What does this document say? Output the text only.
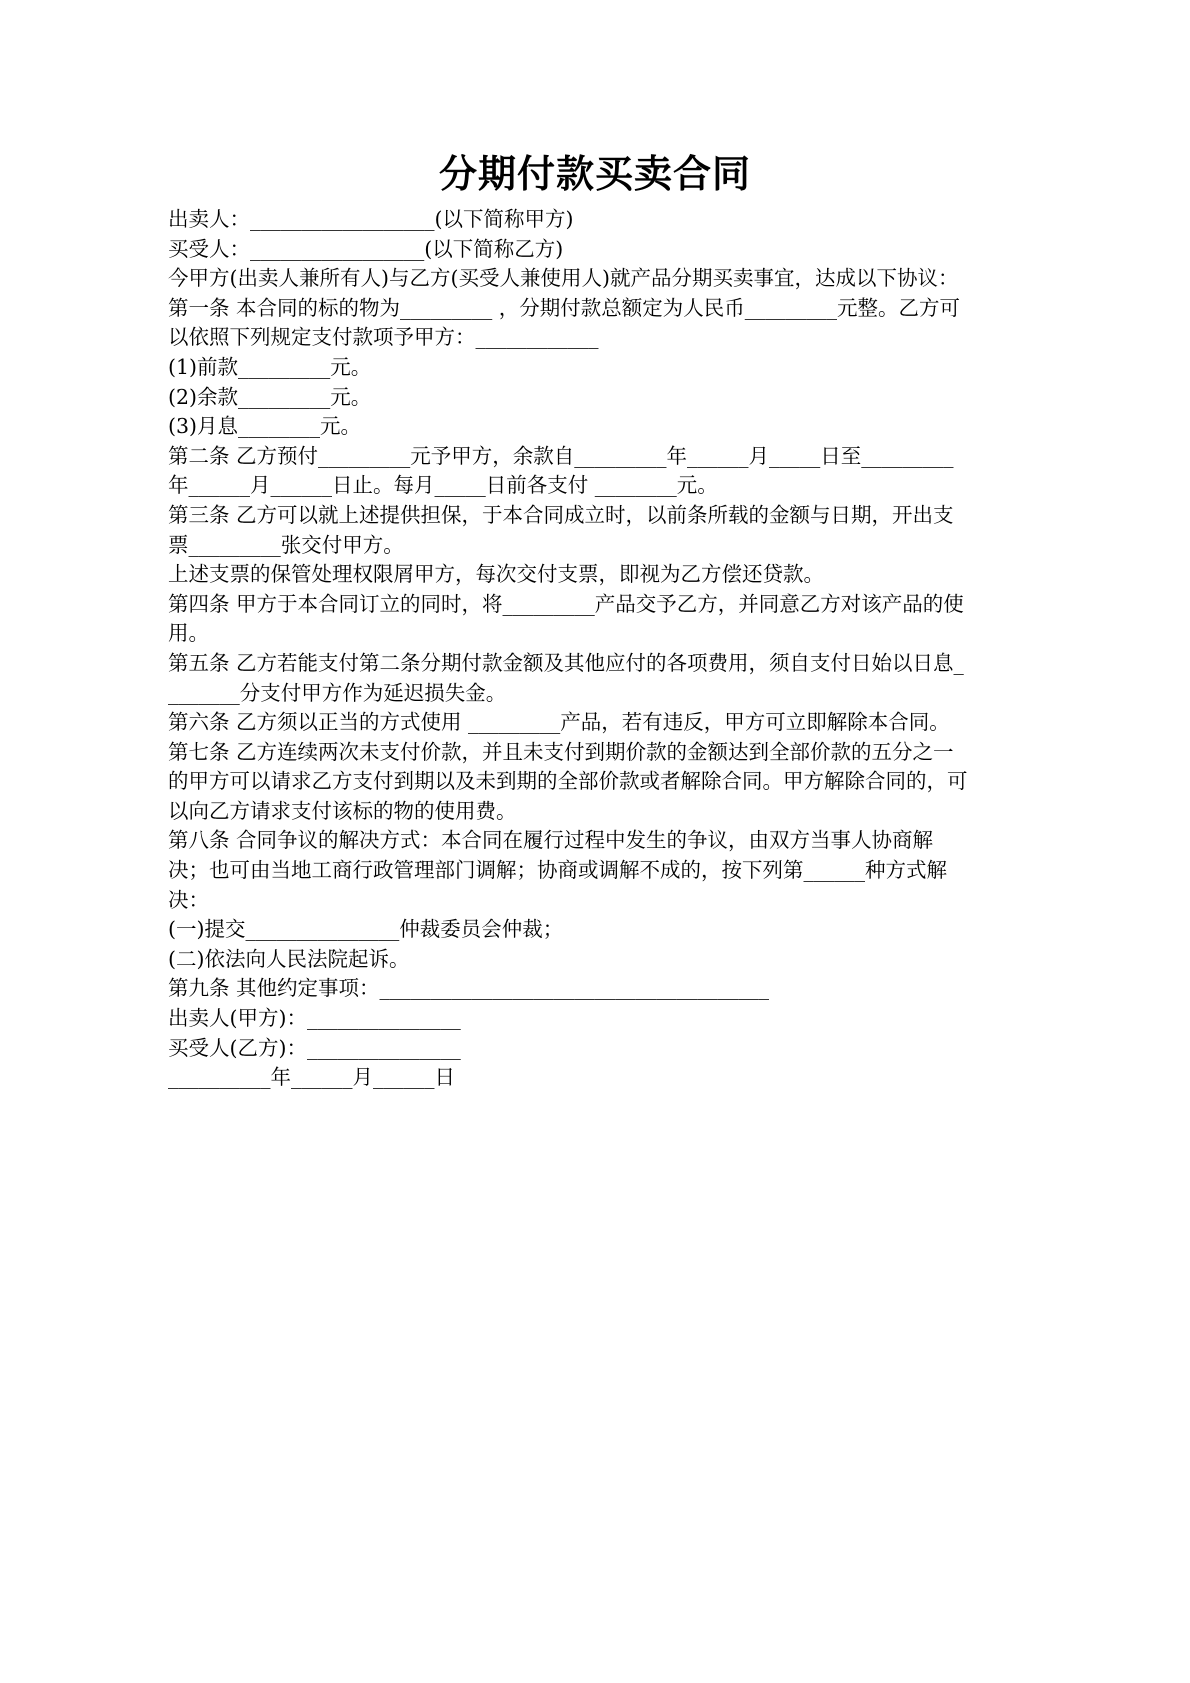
分期付款买卖合同
出卖人：__________________(以下简称甲方)
买受人：_________________(以下简称乙方)
今甲方(出卖人兼所有人)与乙方(买受人兼使用人)就产品分期买卖事宜，达成以下协议：
第一条 本合同的标的物为_________ ，分期付款总额定为人民币_________元整。乙方可以依照下列规定支付款项予甲方：____________
(1)前款_________元。
(2)余款_________元。
(3)月息________元。
第二条 乙方预付_________元予甲方，余款自_________年______月_____日至_________年______月______日止。每月_____日前各支付 ________元。
第三条 乙方可以就上述提供担保，于本合同成立时，以前条所载的金额与日期，开出支票_________张交付甲方。
上述支票的保管处理权限屑甲方，每次交付支票，即视为乙方偿还贷款。
第四条 甲方于本合同订立的同时，将_________产品交予乙方，并同意乙方对该产品的使用。
第五条 乙方若能支付第二条分期付款金额及其他应付的各项费用，须自支付日始以日息________分支付甲方作为延迟损失金。
第六条 乙方须以正当的方式使用 _________产品，若有违反，甲方可立即解除本合同。
第七条 乙方连续两次未支付价款，并且未支付到期价款的金额达到全部价款的五分之一的甲方可以请求乙方支付到期以及未到期的全部价款或者解除合同。甲方解除合同的，可以向乙方请求支付该标的物的使用费。
第八条 合同争议的解决方式：本合同在履行过程中发生的争议，由双方当事人协商解决；也可由当地工商行政管理部门调解；协商或调解不成的，按下列第______种方式解决：
(一)提交_______________仲裁委员会仲裁；
(二)依法向人民法院起诉。
第九条 其他约定事项：______________________________________
出卖人(甲方)：_______________
买受人(乙方)：_______________
__________年______月______日
